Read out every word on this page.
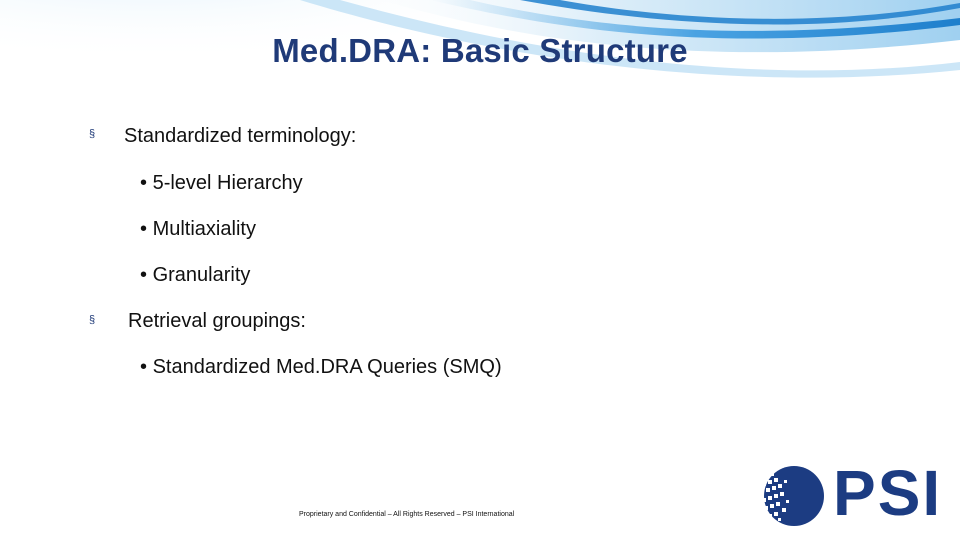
Med.DRA: Basic Structure
§ Standardized terminology:
• 5-level Hierarchy
• Multiaxiality
• Granularity
§ Retrieval groupings:
• Standardized Med.DRA Queries (SMQ)
Proprietary and Confidential – All Rights Reserved – PSI International	PSI
